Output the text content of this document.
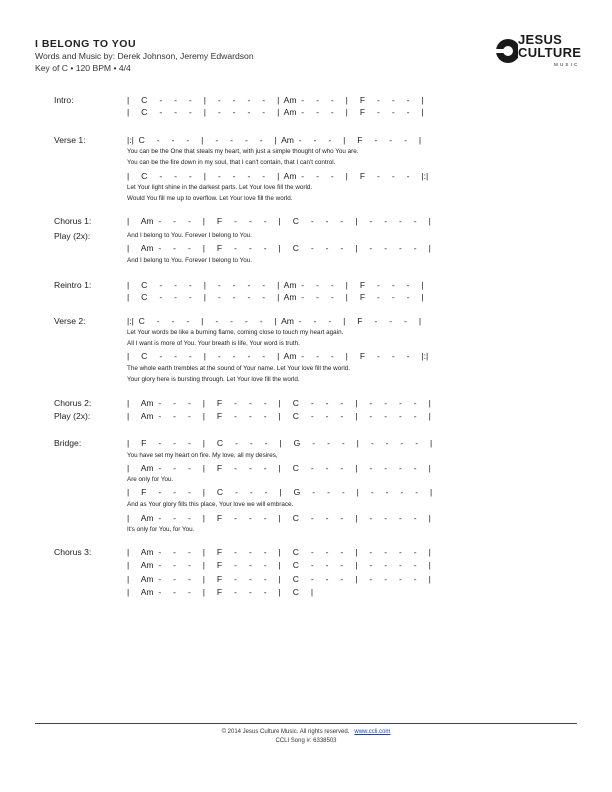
I BELONG TO YOU
Words and Music by: Derek Johnson, Jeremy Edwardson
Key of C • 120 BPM • 4/4
JESUS
CULTURE
MUSIC
Intro:
Verse 1:
Chorus 1:
Play (2x):
Reintro 1:
Verse 2:
Chorus 2:
Play (2x):
Bridge:
Chorus 3:
|     C     -     -     -     |     -     -     -     -     |  Am  -     -     -     |     F     -     -     -     |
|     C     -     -     -     |     -     -     -     -     |  Am  -     -     -     |     F     -     -     -     |
|:|  C     -     -     -     |     -     -     -     -     |  Am  -     -     -     |     F     -     -     -     |
You can be the One that steals my heart, with just a simple thought of who You are.
You can be the fire down in my soul, that I can't contain, that I can't control.
|     C     -     -     -     |     -     -     -     -     |  Am  -     -     -     |     F     -     -     -     |:|
Let Your light shine in the darkest parts. Let Your love fill the world.
Would You fill me up to overflow. Let Your love fill the world.
|     Am  -     -     -     |     F     -     -     -     |     C     -     -     -     |     -     -     -     -     |
And I belong to You. Forever I belong to You.
|     Am  -     -     -     |     F     -     -     -     |     C     -     -     -     |     -     -     -     -     |
And I belong to You. Forever I belong to You.
|     C     -     -     -     |     -     -     -     -     |  Am  -     -     -     |     F     -     -     -     |
|     C     -     -     -     |     -     -     -     -     |  Am  -     -     -     |     F     -     -     -     |
|:|  C     -     -     -     |     -     -     -     -     |  Am  -     -     -     |     F     -     -     -     |
Let Your words be like a burning flame, coming close to touch my heart again.
All I want is more of You. Your breath is life, Your word is truth.
|     C     -     -     -     |     -     -     -     -     |  Am  -     -     -     |     F     -     -     -     |:|
The whole earth trembles at the sound of Your name. Let Your love fill the world.
Your glory here is bursting through. Let Your love fill the world.
|     Am  -     -     -     |     F     -     -     -     |     C     -     -     -     |     -     -     -     -     |
|     Am  -     -     -     |     F     -     -     -     |     C     -     -     -     |     -     -     -     -     |
|     F     -     -     -     |     C     -     -     -     |     G     -     -     -     |     -     -     -     -     |
You have set my heart on fire. My love, all my desires,
|     Am  -     -     -     |     F     -     -     -     |     C     -     -     -     |     -     -     -     -     |
Are only for You.
|     F     -     -     -     |     C     -     -     -     |     G     -     -     -     |     -     -     -     -     |
And as Your glory fills this place, Your love we will embrace.
|     Am  -     -     -     |     F     -     -     -     |     C     -     -     -     |     -     -     -     -     |
It's only for You, for You.
|     Am  -     -     -     |     F     -     -     -     |     C     -     -     -     |     -     -     -     -     |
|     Am  -     -     -     |     F     -     -     -     |     C     -     -     -     |     -     -     -     -     |
|     Am  -     -     -     |     F     -     -     -     |     C     -     -     -     |     -     -     -     -     |
|     Am  -     -     -     |     F     -     -     -     |     C     |
© 2014 Jesus Culture Music. All rights reserved. www.ccli.com
CCLI Song #: 6338503
